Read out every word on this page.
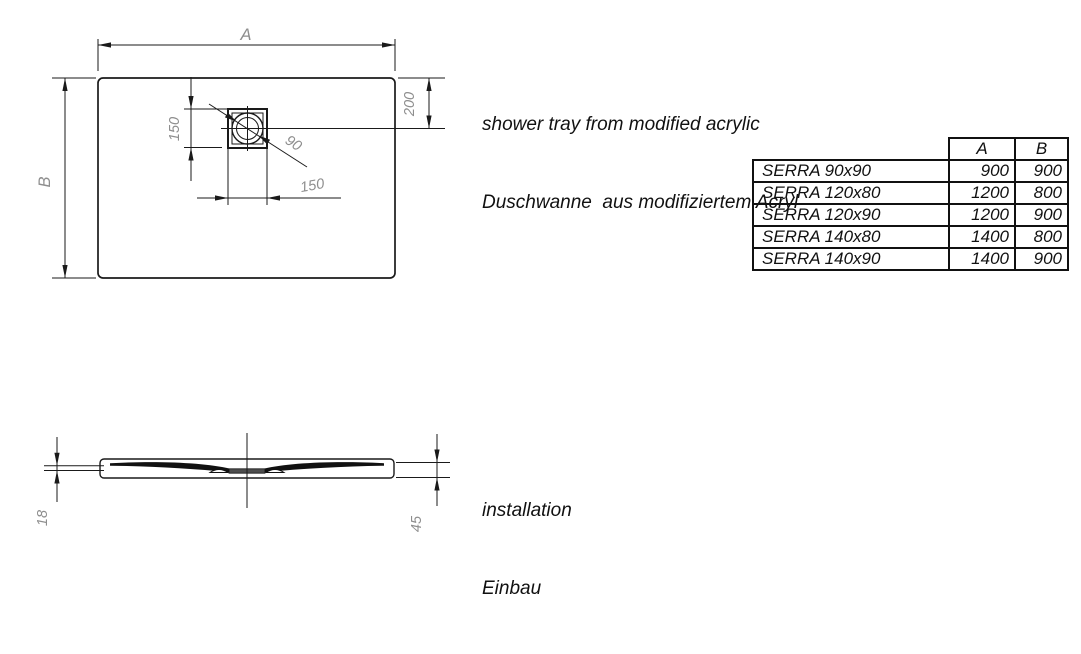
A
B
150
150
90
200
18	45

shower tray from modified acrylic

Duschwanne  aus modifiziertem Acryl

installation

Einbau

	A	B
SERRA 90x90	900	900
SERRA 120x80	1200	800
SERRA 120x90	1200	900
SERRA 140x80	1400	800
SERRA 140x90	1400	900
